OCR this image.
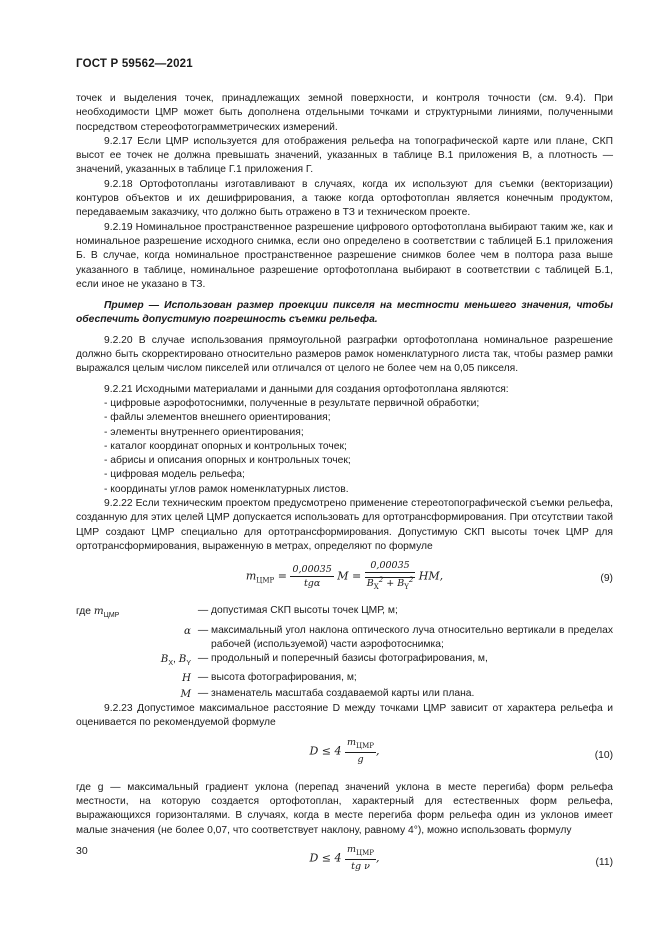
ГОСТ Р 59562—2021

точек и выделения точек, принадлежащих земной поверхности, и контроля точности (см. 9.4). При необходимости ЦМР может быть дополнена отдельными точками и структурными линиями, полученными посредством стереофотограмметрических измерений.

9.2.17 Если ЦМР используется для отображения рельефа на топографической карте или плане, СКП высот ее точек не должна превышать значений, указанных в таблице В.1 приложения В, а плотность — значений, указанных в таблице Г.1 приложения Г.

9.2.18 Ортофотопланы изготавливают в случаях, когда их используют для съемки (векторизации) контуров объектов и их дешифрирования, а также когда ортофотоплан является конечным продуктом, передаваемым заказчику, что должно быть отражено в ТЗ и техническом проекте.

9.2.19 Номинальное пространственное разрешение цифрового ортофотоплана выбирают таким же, как и номинальное разрешение исходного снимка, если оно определено в соответствии с таблицей Б.1 приложения Б. В случае, когда номинальное пространственное разрешение снимков более чем в полтора раза выше указанного в таблице, номинальное разрешение ортофотоплана выбирают в соответствии с таблицей Б.1, если иное не указано в ТЗ.

Пример — Использован размер проекции пикселя на местности меньшего значения, чтобы обеспечить допустимую погрешность съемки рельефа.

9.2.20 В случае использования прямоугольной разграфки ортофотоплана номинальное разрешение должно быть скорректировано относительно размеров рамок номенклатурного листа так, чтобы размер рамки выражался целым числом пикселей или отличался от целого не более чем на 0,05 пикселя.

9.2.21 Исходными материалами и данными для создания ортофотоплана являются:

- цифровые аэрофотоснимки, полученные в результате первичной обработки;

- файлы элементов внешнего ориентирования;

- элементы внутреннего ориентирования;

- каталог координат опорных и контрольных точек;

- абрисы и описания опорных и контрольных точек;

- цифровая модель рельефа;

- координаты углов рамок номенклатурных листов.

9.2.22 Если техническим проектом предусмотрено применение стереотопографической съемки рельефа, созданную для этих целей ЦМР допускается использовать для ортотрансформирования. При отсутствии такой ЦМР создают ЦМР специально для ортотрансформирования. Допустимую СКП высоты точек ЦМР для ортотрансформирования, выраженную в метрах, определяют по формуле

$m_{ЦМР} = \frac{0,00035}{\text{tgα}}$ $M = \frac{0,00035}{B_X^2 + B_Y^2}$ HM,	(9)
где $m_{ЦМР}$	— допустимая СКП высоты точек ЦМР, м;
α — максимальный угол наклона оптического луча относительно вертикали в пределах рабочей (используемой) части аэрофотоснимка;
$B_X$, $B_Y$ — продольный и поперечный базисы фотографирования, м,
H — высота фотографирования, м;
M — знаменатель масштаба создаваемой карты или плана.

9.2.23 Допустимое максимальное расстояние D между точками ЦМР зависит от характера рельефа и оценивается по рекомендуемой формуле

$D \le 4 \frac{m_{ЦМР}}{g}$ ,	(10)

где g — максимальный градиент уклона (перепад значений уклона в месте перегиба) форм рельефа местности, на которую создается ортофотоплан, характерный для естественных форм рельефа, выражающихся горизонталями. В случаях, когда в месте перегиба форм рельефа один из уклонов имеет малые значения (не более 0,07, что соответствует наклону, равному 4°), можно использовать формулу

$D \le 4 \frac{m_{ЦМР}}{\text{tg ν}}$ ,	(11)
30
